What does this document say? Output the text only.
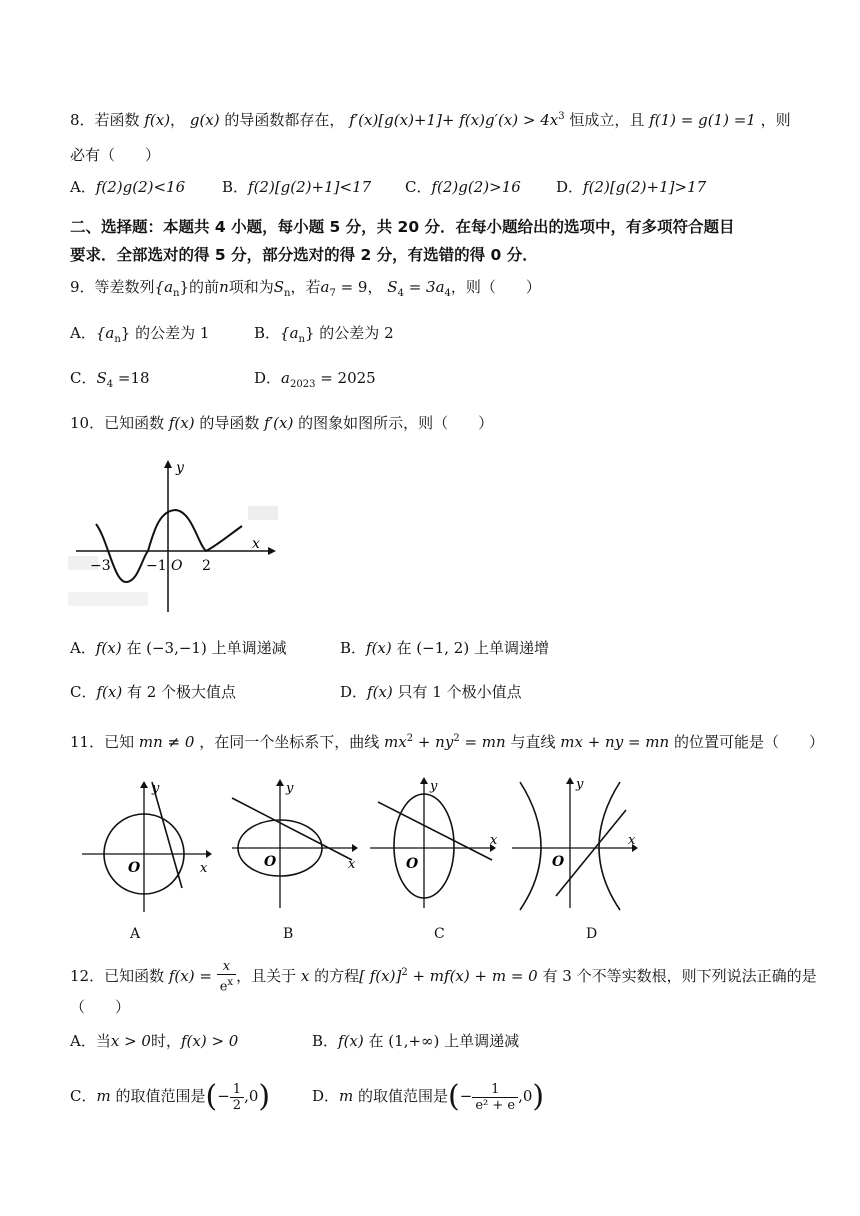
8．若函数 f(x)， g(x) 的导函数都存在， $f'(x)[g(x)+1]+ f(x)g'(x) > 4x^3$ 恒成立，且 f(1) = g(1) =1 ，则
必有（　　）
A．f(2)g(2)<16 B．f(2)[g(2)+1]<17 C．f(2)g(2)>16 D．f(2)[g(2)+1]>17
二、选择题：本题共 4 小题，每小题 5 分，共 20 分．在每小题给出的选项中，有多项符合题目
要求．全部选对的得 5 分，部分选对的得 2 分，有选错的得 0 分．
9．等差数列$\{a_n\}$的前n项和为$S_n$，若$a_7 = 9$， $S_4 = 3a_4$，则（　　）
A．$\{a_n\}$ 的公差为 1	B．$\{a_n\}$ 的公差为 2
C．$S_4 =18$	D．$a_{2023} = 2025$
10．已知函数 f(x) 的导函数 f′(x) 的图象如图所示，则（　　）
y
x
−3	−1 O 2
A．f(x) 在 (−3,−1) 上单调递减	B．f(x) 在 (−1, 2) 上单调递增
C．f(x) 有 2 个极大值点	D．f(x) 只有 1 个极小值点
11．已知 mn ≠ 0 ，在同一个坐标系下，曲线 $mx^2 + ny^2$ = mn 与直线 mx + ny = mn 的位置可能是（　　）
y
x
O
y
x
O
y
x
O
y
x
O
A	B	C	D
12．已知函数 $f(x) = \frac{x}{e^x}$ ，且关于 x 的方程[ f(x)]$^2$ + mf(x) + m = 0 有 3 个不等实数根，则下列说法正确的是
（　　）
A．当x > 0时，f(x) > 0	B．f(x) 在 (1,+∞) 上单调递减
C．m 的取值范围是(− $\frac{1}{2} ,0$)	D．m 的取值范围是(− $\frac{1}{\text{e² + e}} ,0$)
